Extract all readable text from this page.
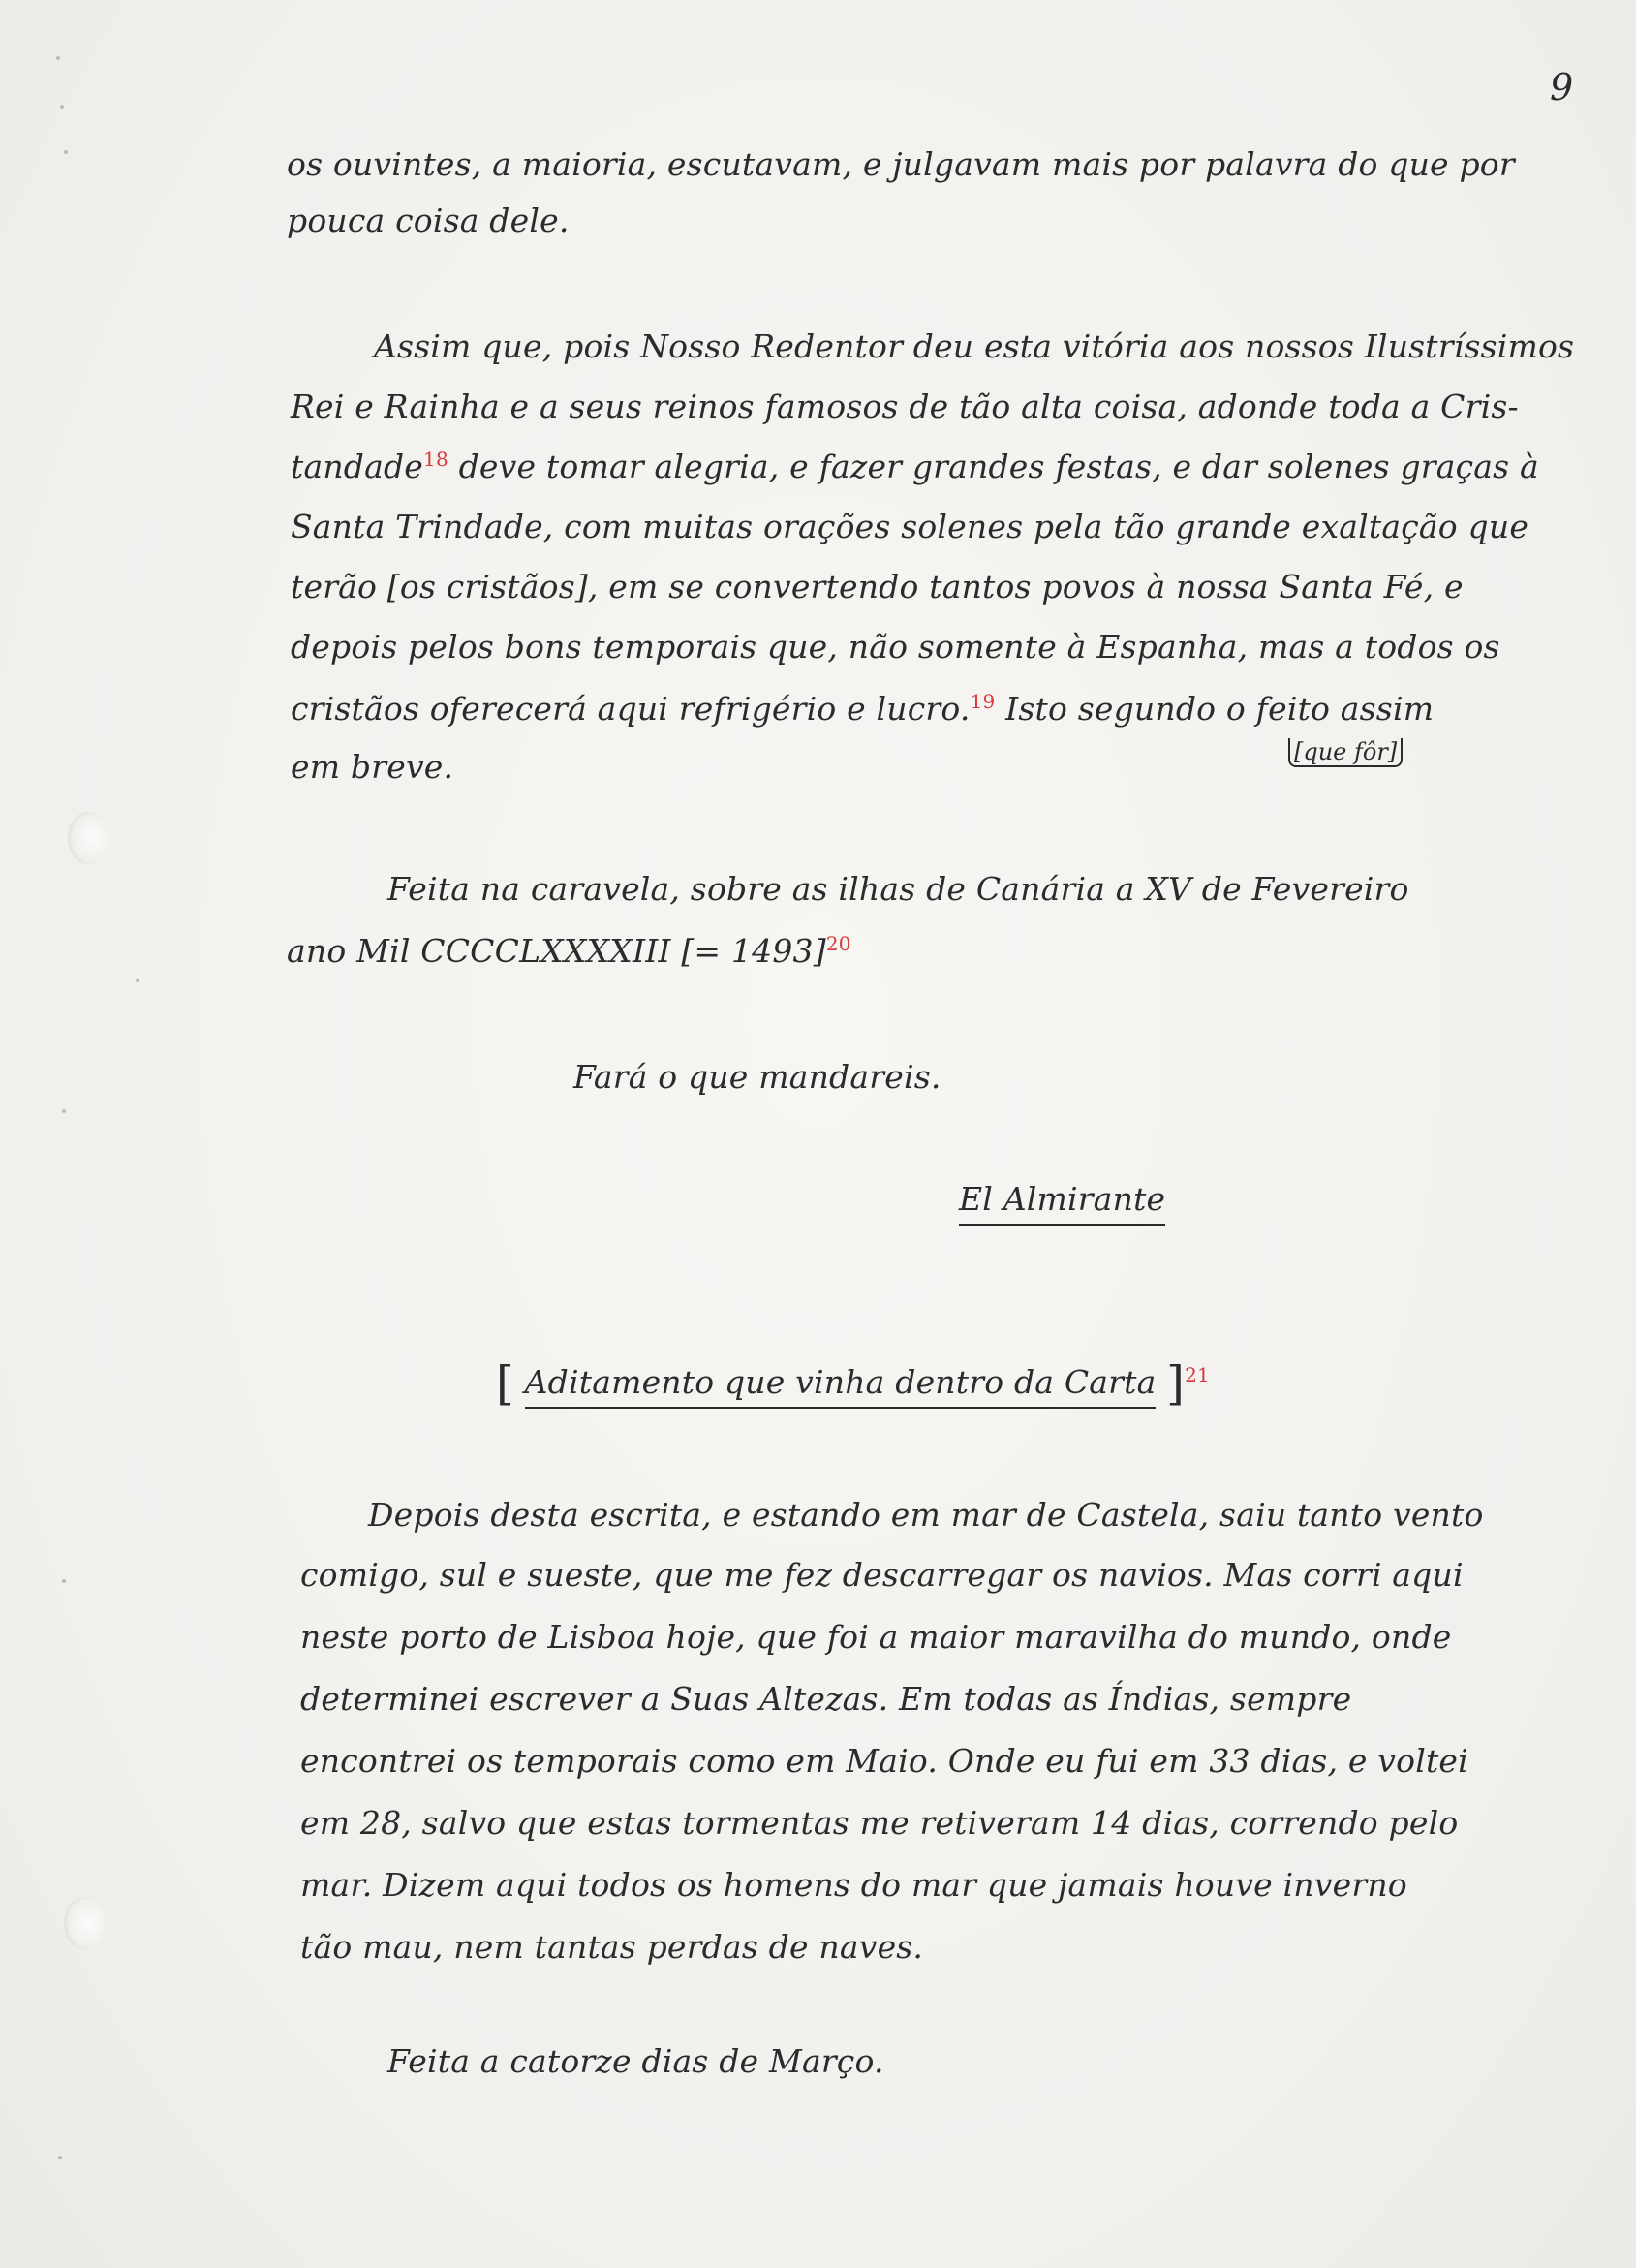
9
os ouvintes, a maioria, escutavam, e julgavam mais por palavra do que por
pouca coisa dele.
Assim que, pois Nosso Redentor deu esta vitória aos nossos Ilustríssimos
Rei e Rainha e a seus reinos famosos de tão alta coisa, adonde toda a Cris-
tandade$^{18}$ deve tomar alegria, e fazer grandes festas, e dar solenes graças à
Santa Trindade, com muitas orações solenes pela tão grande exaltação que
terão [os cristãos], em se convertendo tantos povos à nossa Santa Fé, e
depois pelos bons temporais que, não somente à Espanha, mas a todos os
cristãos oferecerá aqui refrigério e lucro.$^{19}$ Isto segundo o feito assim
em breve.	[que fôr]
Feita na caravela, sobre as ilhas de Canária a XV de Fevereiro
ano Mil CCCCLXXXXIII [= 1493]$^{20}$
Fará o que mandareis.
El Almirante
[ Aditamento que vinha dentro da Carta ]$^{21}$
Depois desta escrita, e estando em mar de Castela, saiu tanto vento
comigo, sul e sueste, que me fez descarregar os navios. Mas corri aqui
neste porto de Lisboa hoje, que foi a maior maravilha do mundo, onde
determinei escrever a Suas Altezas. Em todas as Índias, sempre
encontrei os temporais como em Maio. Onde eu fui em 33 dias, e voltei
em 28, salvo que estas tormentas me retiveram 14 dias, correndo pelo
mar. Dizem aqui todos os homens do mar que jamais houve inverno
tão mau, nem tantas perdas de naves.
Feita a catorze dias de Março.
